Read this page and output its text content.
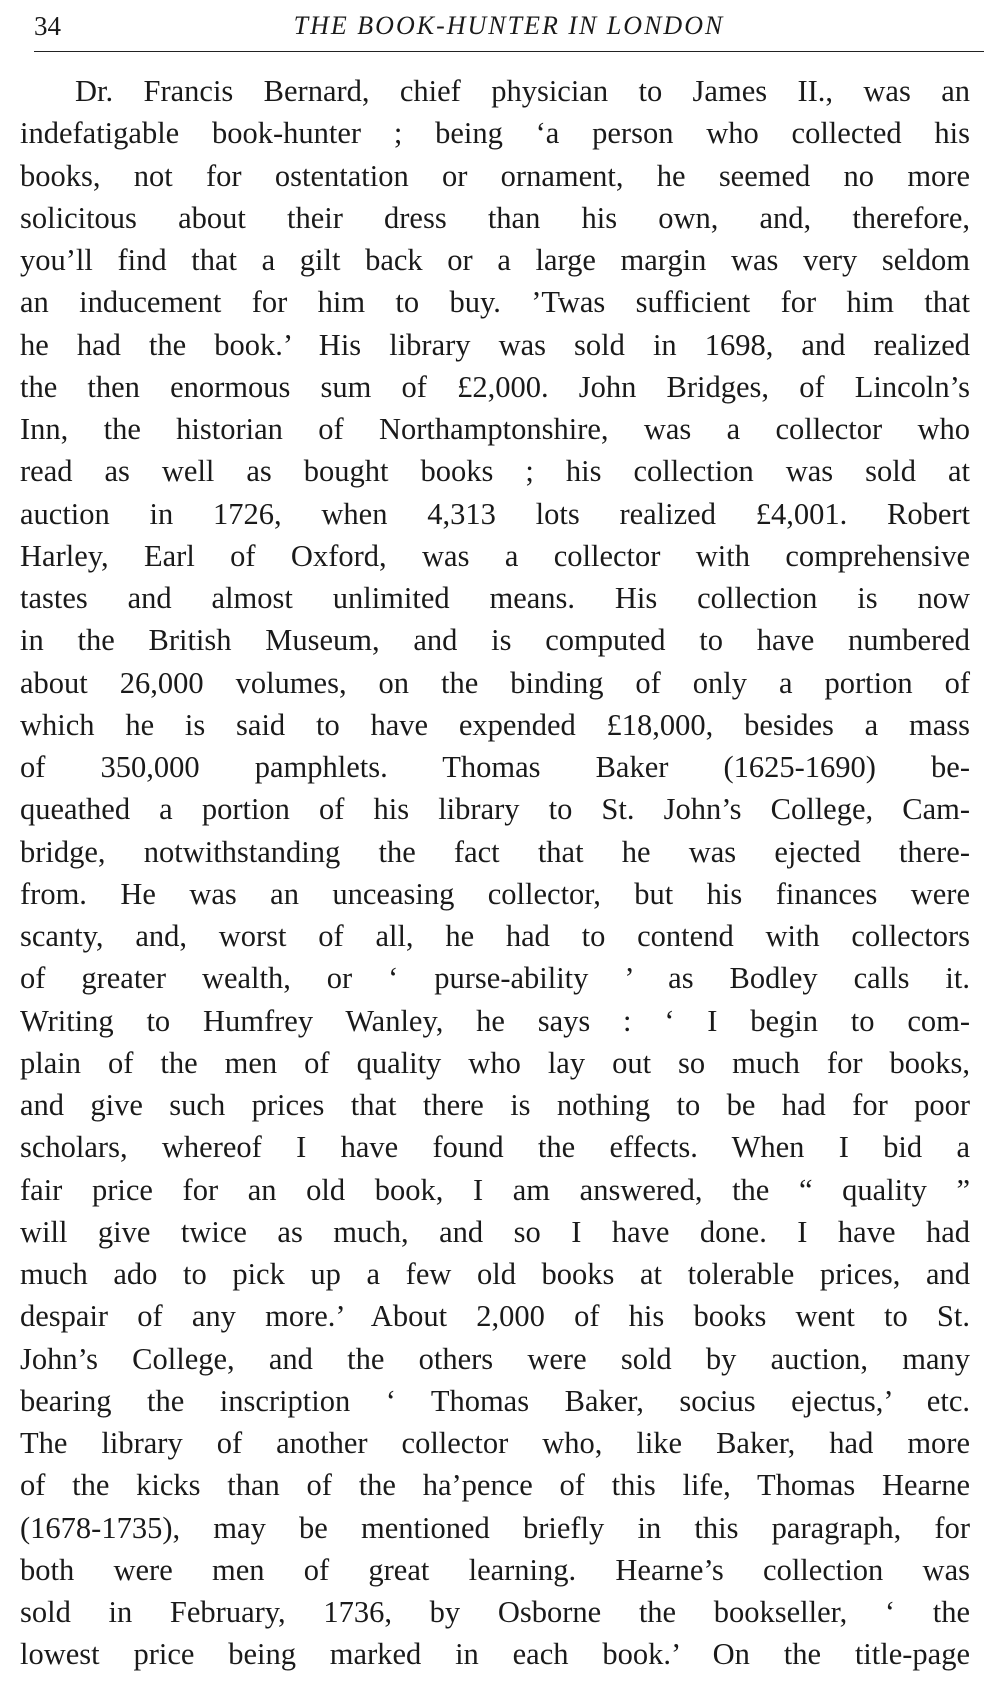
34	THE BOOK-HUNTER IN LONDON
Dr. Francis Bernard, chief physician to James II., was an
indefatigable book-hunter ; being ‘a person who collected his
books, not for ostentation or ornament, he seemed no more
solicitous about their dress than his own, and, therefore,
you’ll find that a gilt back or a large margin was very seldom
an inducement for him to buy. ’Twas sufficient for him that
he had the book.’ His library was sold in 1698, and realized
the then enormous sum of £2,000. John Bridges, of Lincoln’s
Inn, the historian of Northamptonshire, was a collector who
read as well as bought books ; his collection was sold at
auction in 1726, when 4,313 lots realized £4,001. Robert
Harley, Earl of Oxford, was a collector with comprehensive
tastes and almost unlimited means. His collection is now
in the British Museum, and is computed to have numbered
about 26,000 volumes, on the binding of only a portion of
which he is said to have expended £18,000, besides a mass
of 350,000 pamphlets. Thomas Baker (1625-1690) be-
queathed a portion of his library to St. John’s College, Cam-
bridge, notwithstanding the fact that he was ejected there-
from. He was an unceasing collector, but his finances were
scanty, and, worst of all, he had to contend with collectors
of greater wealth, or ‘ purse-ability ’ as Bodley calls it.
Writing to Humfrey Wanley, he says : ‘ I begin to com-
plain of the men of quality who lay out so much for books,
and give such prices that there is nothing to be had for poor
scholars, whereof I have found the effects. When I bid a
fair price for an old book, I am answered, the “ quality ”
will give twice as much, and so I have done. I have had
much ado to pick up a few old books at tolerable prices, and
despair of any more.’ About 2,000 of his books went to St.
John’s College, and the others were sold by auction, many
bearing the inscription ‘ Thomas Baker, socius ejectus,’ etc.
The library of another collector who, like Baker, had more
of the kicks than of the ha’pence of this life, Thomas Hearne
(1678-1735), may be mentioned briefly in this paragraph, for
both were men of great learning. Hearne’s collection was
sold in February, 1736, by Osborne the bookseller, ‘ the
lowest price being marked in each book.’ On the title-page
